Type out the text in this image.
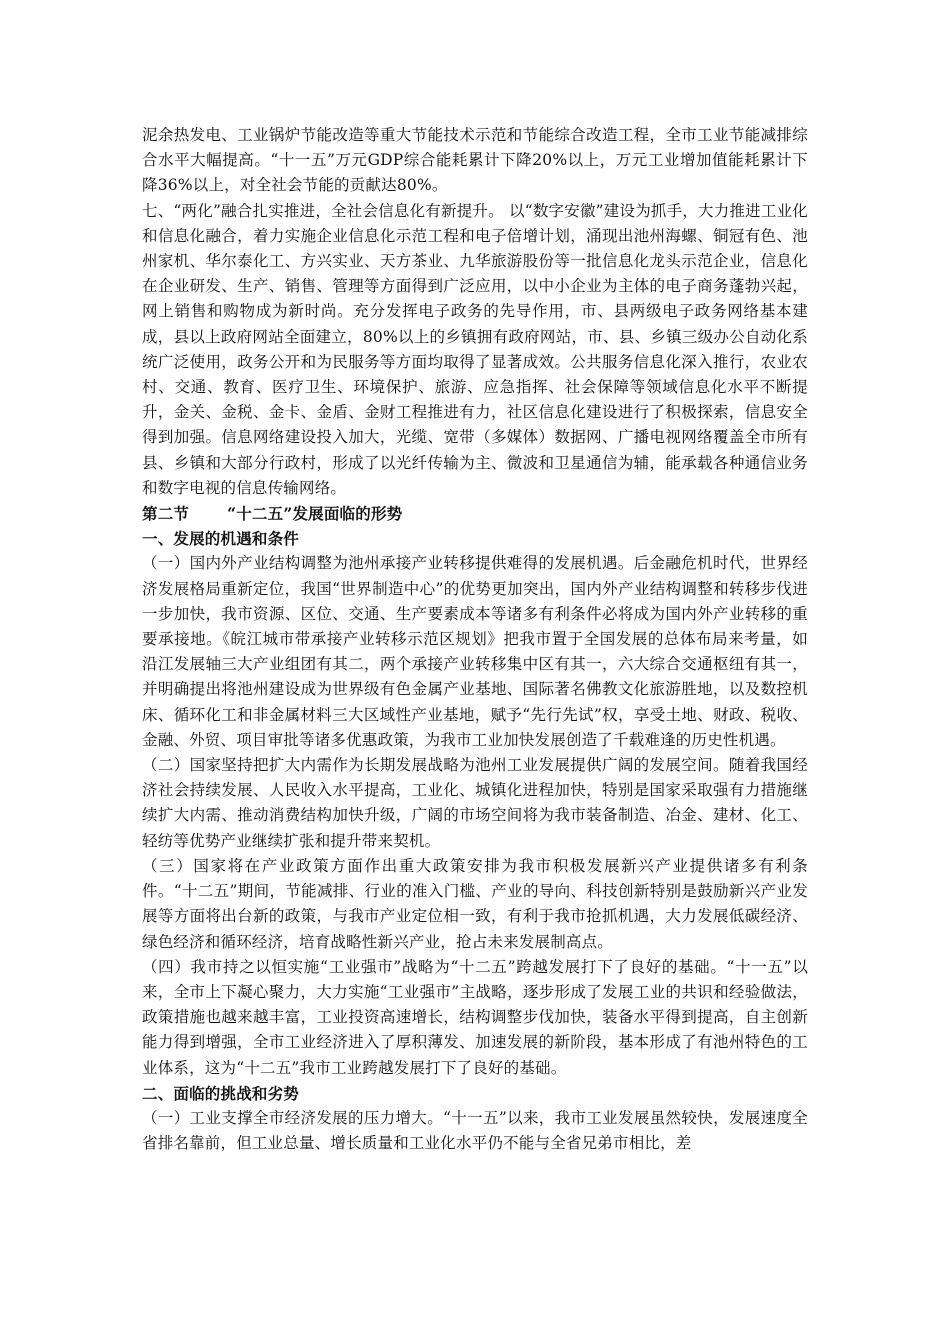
泥余热发电、工业锅炉节能改造等重大节能技术示范和节能综合改造工程，全市工业节能减排综合水平大幅提高。“十一五”万元GDP综合能耗累计下降20%以上，万元工业增加值能耗累计下降36%以上，对全社会节能的贡献达80%。

七、“两化”融合扎实推进，全社会信息化有新提升。 以“数字安徽”建设为抓手，大力推进工业化和信息化融合，着力实施企业信息化示范工程和电子倍增计划，涌现出池州海螺、铜冠有色、池州家机、华尔泰化工、方兴实业、天方茶业、九华旅游股份等一批信息化龙头示范企业，信息化在企业研发、生产、销售、管理等方面得到广泛应用，以中小企业为主体的电子商务蓬勃兴起，网上销售和购物成为新时尚。充分发挥电子政务的先导作用，市、县两级电子政务网络基本建成，县以上政府网站全面建立，80%以上的乡镇拥有政府网站，市、县、乡镇三级办公自动化系统广泛使用，政务公开和为民服务等方面均取得了显著成效。公共服务信息化深入推行，农业农村、交通、教育、医疗卫生、环境保护、旅游、应急指挥、社会保障等领域信息化水平不断提升，金关、金税、金卡、金盾、金财工程推进有力，社区信息化建设进行了积极探索，信息安全得到加强。信息网络建设投入加大，光缆、宽带（多媒体）数据网、广播电视网络覆盖全市所有县、乡镇和大部分行政村，形成了以光纤传输为主、微波和卫星通信为辅，能承载各种通信业务和数字电视的信息传输网络。

第二节 “十二五”发展面临的形势

一、发展的机遇和条件

（一）国内外产业结构调整为池州承接产业转移提供难得的发展机遇。后金融危机时代，世界经济发展格局重新定位，我国“世界制造中心”的优势更加突出，国内外产业结构调整和转移步伐进一步加快，我市资源、区位、交通、生产要素成本等诸多有利条件必将成为国内外产业转移的重要承接地。《皖江城市带承接产业转移示范区规划》把我市置于全国发展的总体布局来考量，如沿江发展轴三大产业组团有其二，两个承接产业转移集中区有其一，六大综合交通枢纽有其一，并明确提出将池州建设成为世界级有色金属产业基地、国际著名佛教文化旅游胜地，以及数控机床、循环化工和非金属材料三大区域性产业基地，赋予“先行先试”权，享受土地、财政、税收、金融、外贸、项目审批等诸多优惠政策，为我市工业加快发展创造了千载难逢的历史性机遇。

（二）国家坚持把扩大内需作为长期发展战略为池州工业发展提供广阔的发展空间。随着我国经济社会持续发展、人民收入水平提高，工业化、城镇化进程加快，特别是国家采取强有力措施继续扩大内需、推动消费结构加快升级，广阔的市场空间将为我市装备制造、冶金、建材、化工、轻纺等优势产业继续扩张和提升带来契机。

（三）国家将在产业政策方面作出重大政策安排为我市积极发展新兴产业提供诸多有利条件。“十二五”期间，节能减排、行业的准入门槛、产业的导向、科技创新特别是鼓励新兴产业发展等方面将出台新的政策，与我市产业定位相一致，有利于我市抢抓机遇，大力发展低碳经济、绿色经济和循环经济，培育战略性新兴产业，抢占未来发展制高点。

（四）我市持之以恒实施“工业强市”战略为“十二五”跨越发展打下了良好的基础。“十一五”以来，全市上下凝心聚力，大力实施“工业强市”主战略，逐步形成了发展工业的共识和经验做法，政策措施也越来越丰富，工业投资高速增长，结构调整步伐加快，装备水平得到提高，自主创新能力得到增强，全市工业经济进入了厚积薄发、加速发展的新阶段，基本形成了有池州特色的工业体系，这为“十二五”我市工业跨越发展打下了良好的基础。

二、面临的挑战和劣势

（一）工业支撑全市经济发展的压力增大。“十一五”以来，我市工业发展虽然较快，发展速度全省排名靠前，但工业总量、增长质量和工业化水平仍不能与全省兄弟市相比，差
